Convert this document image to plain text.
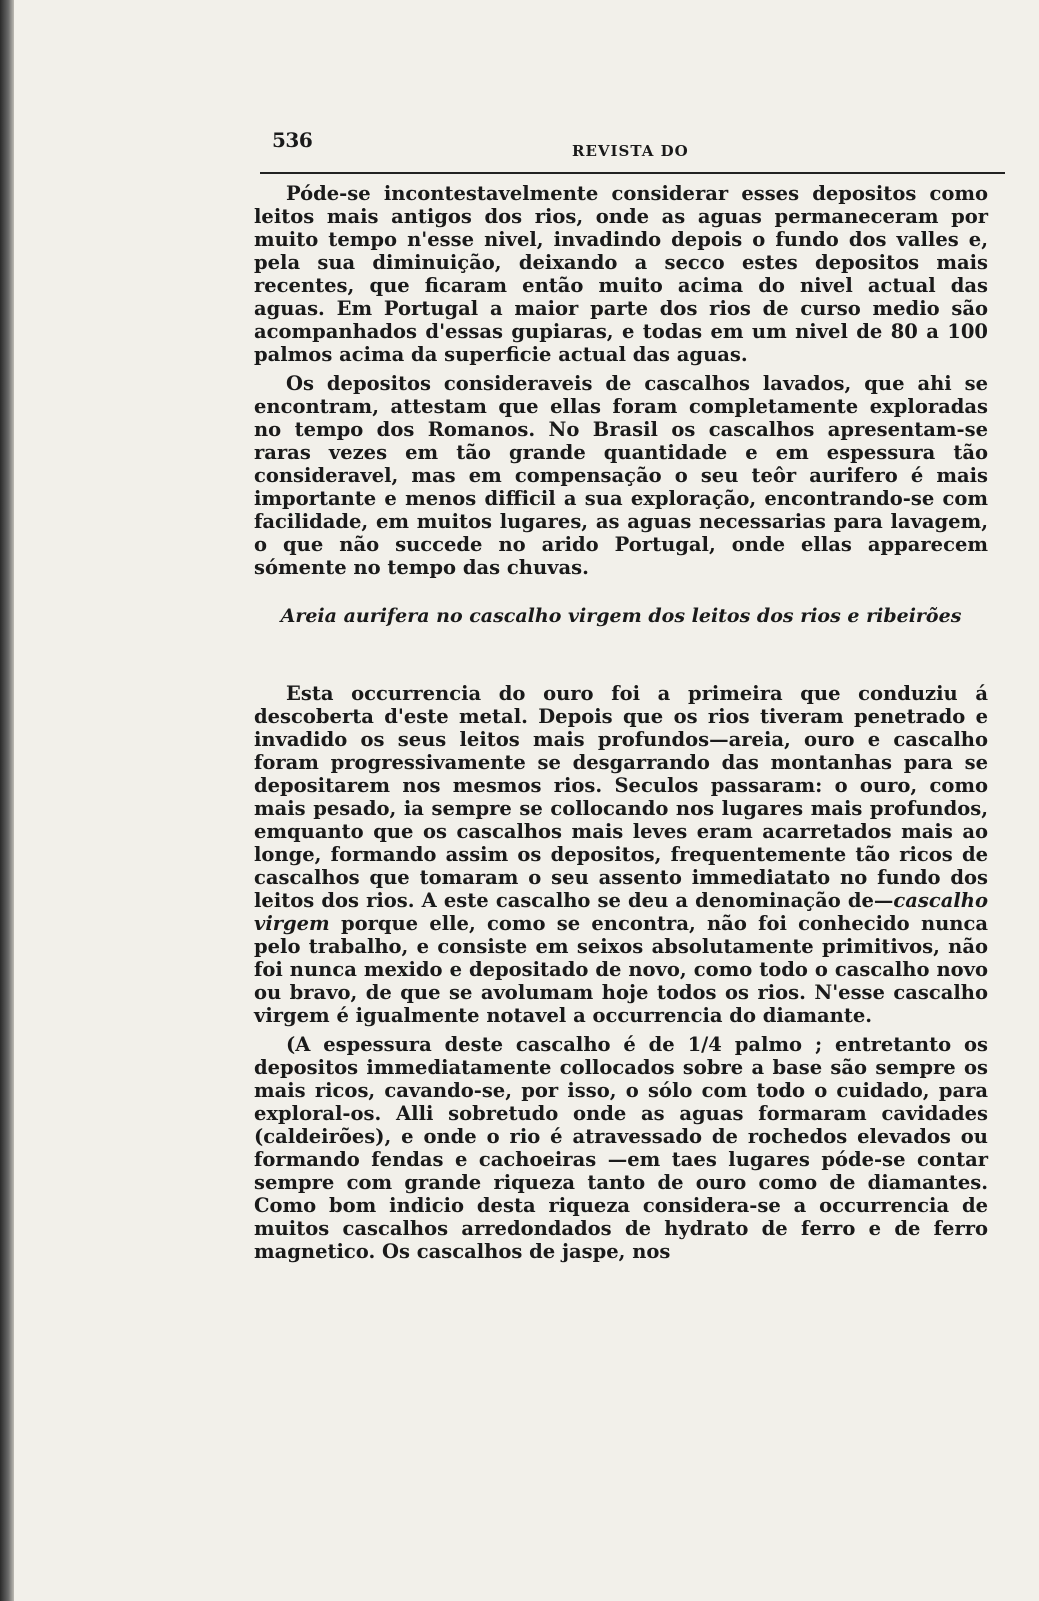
536	REVISTA DO

Póde-se incontestavelmente considerar esses depositos como leitos mais antigos dos rios, onde as aguas permaneceram por muito tempo n'esse nivel, invadindo depois o fundo dos valles e, pela sua diminuição, deixando a secco estes depositos mais recentes, que ficaram então muito acima do nivel actual das aguas. Em Portugal a maior parte dos rios de curso medio são acompanhados d'essas gupiaras, e todas em um nivel de 80 a 100 palmos acima da superficie actual das aguas.

Os depositos consideraveis de cascalhos lavados, que ahi se encontram, attestam que ellas foram completamente exploradas no tempo dos Romanos. No Brasil os cascalhos apresentam-se raras vezes em tão grande quantidade e em espessura tão consideravel, mas em compensação o seu teôr aurifero é mais importante e menos difficil a sua exploração, encontrando-se com facilidade, em muitos lugares, as aguas necessarias para lavagem, o que não succede no arido Portugal, onde ellas apparecem sómente no tempo das chuvas.

Areia aurifera no cascalho virgem dos leitos dos rios e ribeirões

Esta occurrencia do ouro foi a primeira que conduziu á descoberta d'este metal. Depois que os rios tiveram penetrado e invadido os seus leitos mais profundos—areia, ouro e cascalho foram progressivamente se desgarrando das montanhas para se depositarem nos mesmos rios. Seculos passaram: o ouro, como mais pesado, ia sempre se collocando nos lugares mais profundos, emquanto que os cascalhos mais leves eram acarretados mais ao longe, formando assim os depositos, frequentemente tão ricos de cascalhos que tomaram o seu assento immediatato no fundo dos leitos dos rios. A este cascalho se deu a denominação de—cascalho virgem porque elle, como se encontra, não foi conhecido nunca pelo trabalho, e consiste em seixos absolutamente primitivos, não foi nunca mexido e depositado de novo, como todo o cascalho novo ou bravo, de que se avolumam hoje todos os rios. N'esse cascalho virgem é igualmente notavel a occurrencia do diamante.

(A espessura deste cascalho é de 1/4 palmo ; entretanto os depositos immediatamente collocados sobre a base são sempre os mais ricos, cavando-se, por isso, o sólo com todo o cuidado, para exploral-os. Alli sobretudo onde as aguas formaram cavidades (caldeirões), e onde o rio é atravessado de rochedos elevados ou formando fendas e cachoeiras —em taes lugares póde-se contar sempre com grande riqueza tanto de ouro como de diamantes. Como bom indicio desta riqueza considera-se a occurrencia de muitos cascalhos arredondados de hydrato de ferro e de ferro magnetico. Os cascalhos de jaspe, nos
